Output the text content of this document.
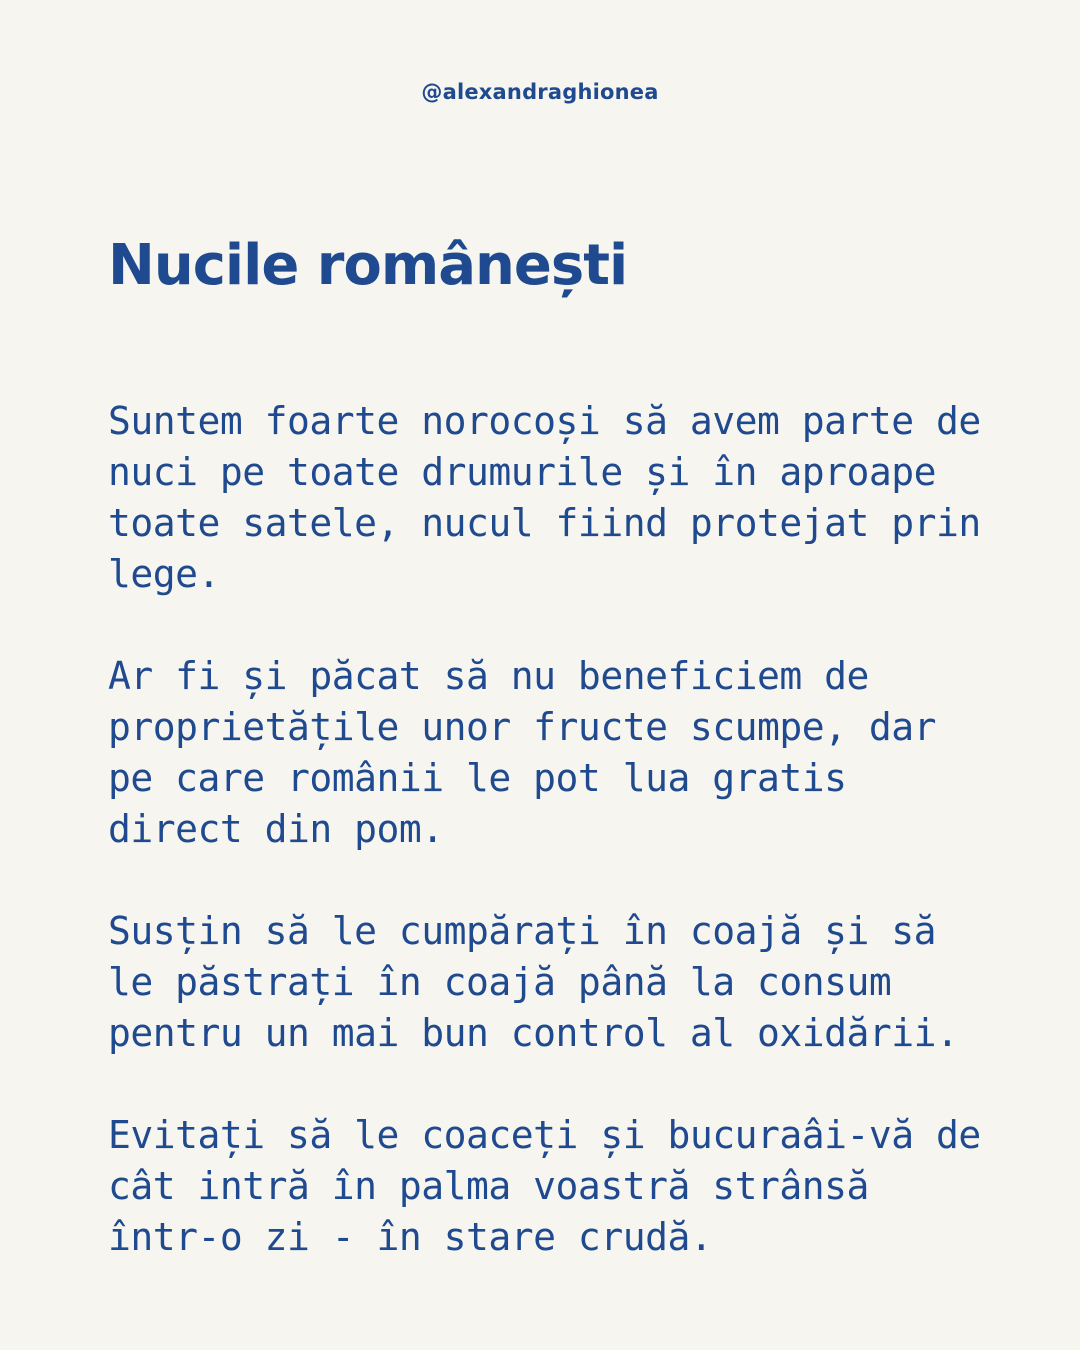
@alexandraghionea
Nucile românești

Suntem foarte norocoși să avem parte de nuci pe toate drumurile și în aproape toate satele, nucul fiind protejat prin lege.

Ar fi și păcat să nu beneficiem de proprietățile unor fructe scumpe, dar pe care românii le pot lua gratis direct din pom.

Susțin să le cumpărați în coajă și să le păstrați în coajă până la consum pentru un mai bun control al oxidării.

Evitați să le coaceți și bucuraâi-vă de cât intră în palma voastră strânsă într-o zi - în stare crudă.
